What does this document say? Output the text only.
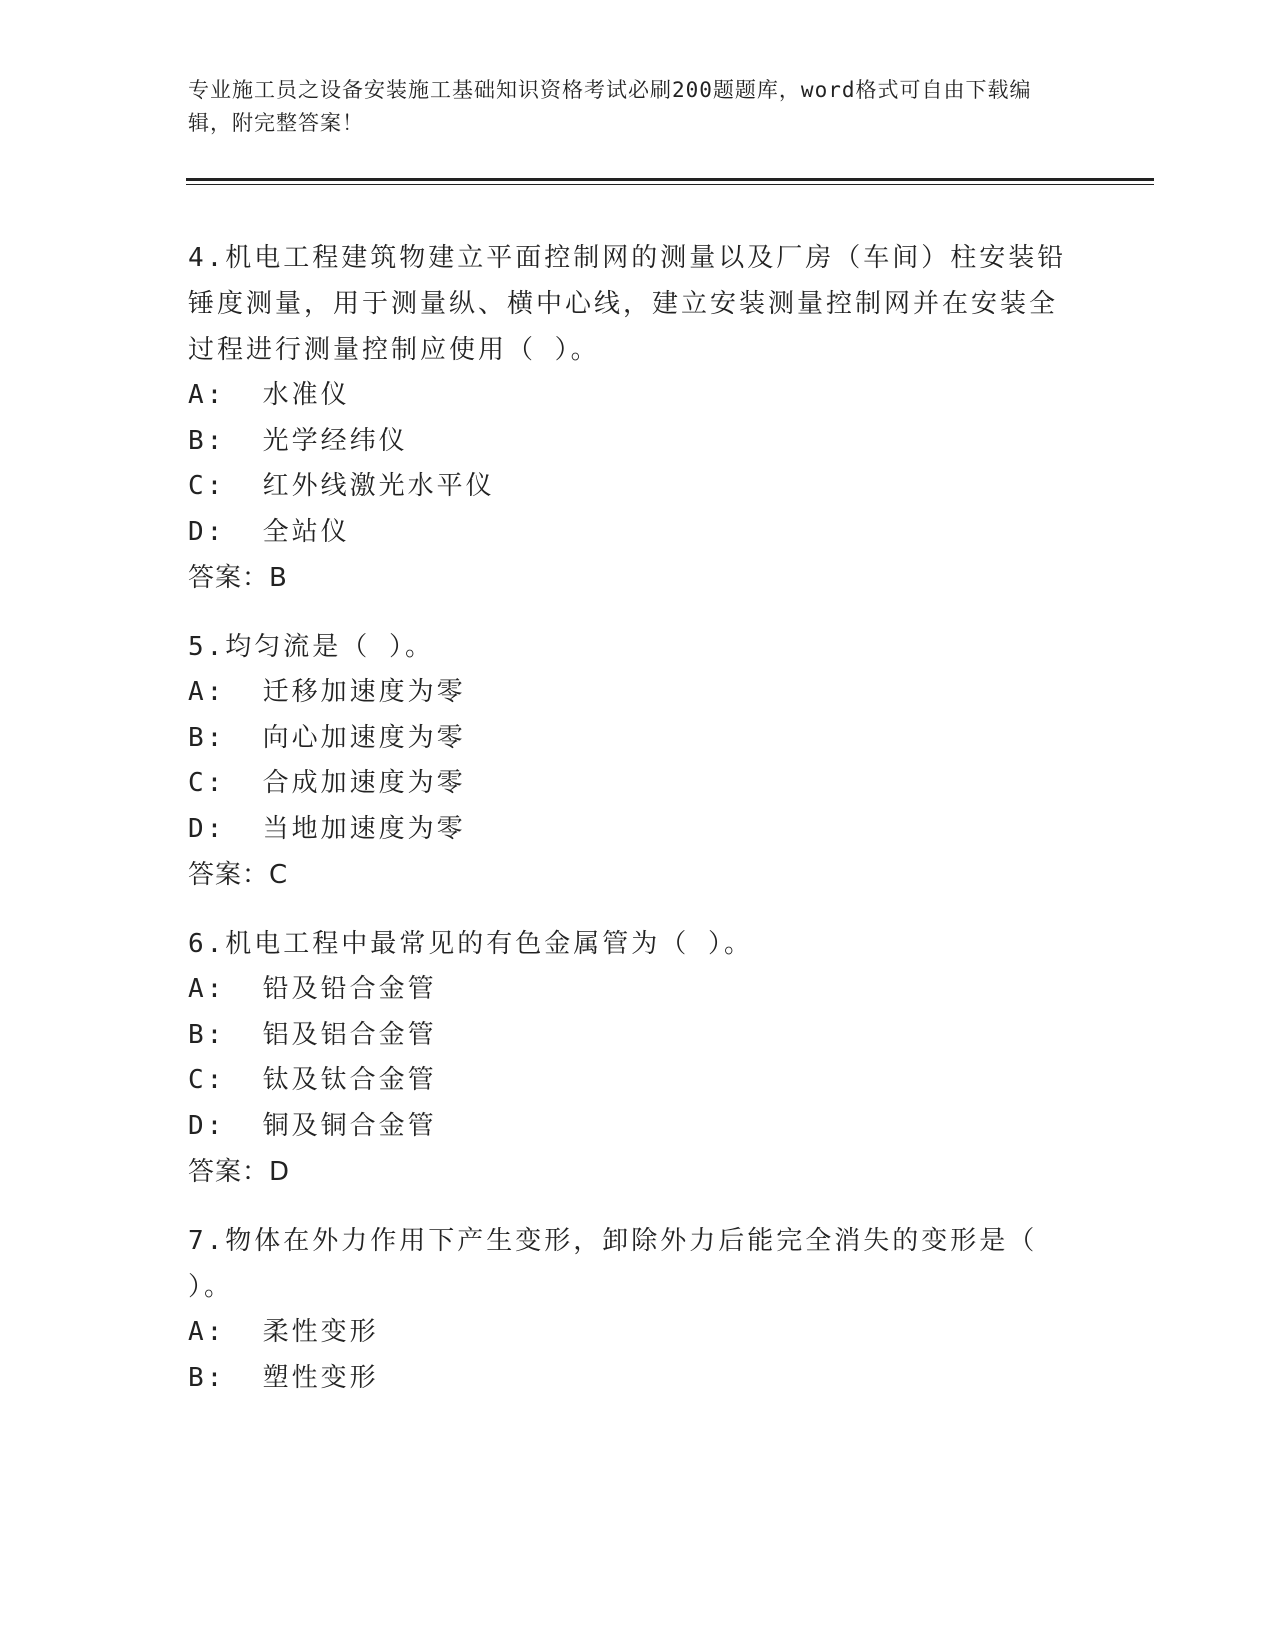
专业施工员之设备安装施工基础知识资格考试必刷200题题库，word格式可自由下载编辑，附完整答案！

4.机电工程建筑物建立平面控制网的测量以及厂房（车间）柱安装铅锤度测量，用于测量纵、横中心线，建立安装测量控制网并在安装全过程进行测量控制应使用（ ）。

A:  水准仪
B:  光学经纬仪
C:  红外线激光水平仪
D:  全站仪
答案：B

5.均匀流是（ ）。

A:  迁移加速度为零
B:  向心加速度为零
C:  合成加速度为零
D:  当地加速度为零
答案：C

6.机电工程中最常见的有色金属管为（ ）。

A:  铅及铅合金管
B:  铝及铝合金管
C:  钛及钛合金管
D:  铜及铜合金管
答案：D

7.物体在外力作用下产生变形，卸除外力后能完全消失的变形是（ ）。

A:  柔性变形
B:  塑性变形
